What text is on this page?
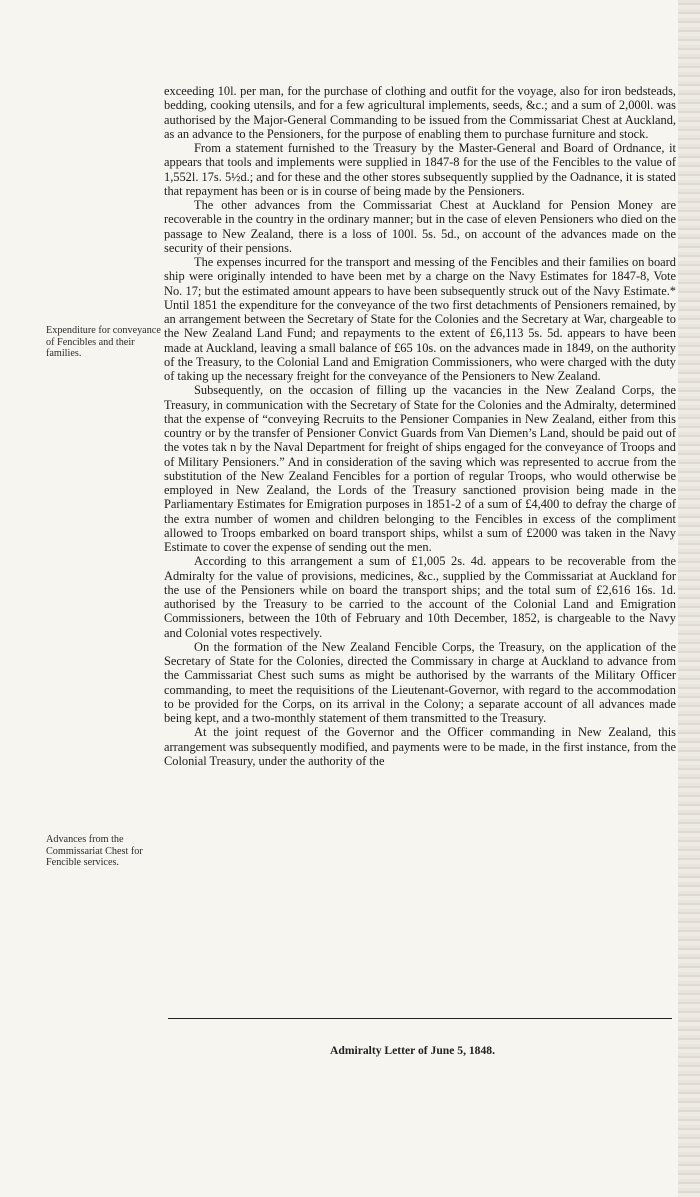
exceeding 10l. per man, for the purchase of clothing and outfit for the voyage, also for iron bedsteads, bedding, cooking utensils, and for a few agricultural implements, seeds, &c.; and a sum of 2,000l. was authorised by the Major-General Commanding to be issued from the Commissariat Chest at Auckland, as an advance to the Pensioners, for the purpose of enabling them to purchase furniture and stock.

From a statement furnished to the Treasury by the Master-General and Board of Ordnance, it appears that tools and implements were supplied in 1847-8 for the use of the Fencibles to the value of 1,552l. 17s. 5½d.; and for these and the other stores subsequently supplied by the Oadnance, it is stated that repayment has been or is in course of being made by the Pensioners.

The other advances from the Commissariat Chest at Auckland for Pension Money are recoverable in the country in the ordinary manner; but in the case of eleven Pensioners who died on the passage to New Zealand, there is a loss of 100l. 5s. 5d., on account of the advances made on the security of their pensions.

The expenses incurred for the transport and messing of the Fencibles and their families on board ship were originally intended to have been met by a charge on the Navy Estimates for 1847-8, Vote No. 17; but the estimated amount appears to have been subsequently struck out of the Navy Estimate.* Until 1851 the expenditure for the conveyance of the two first detachments of Pensioners remained, by an arrangement between the Secretary of State for the Colonies and the Secretary at War, chargeable to the New Zealand Land Fund; and repayments to the extent of £6,113 5s. 5d. appears to have been made at Auckland, leaving a small balance of £65 10s. on the advances made in 1849, on the authority of the Treasury, to the Colonial Land and Emigration Commissioners, who were charged with the duty of taking up the necessary freight for the conveyance of the Pensioners to New Zealand.

Subsequently, on the occasion of filling up the vacancies in the New Zealand Corps, the Treasury, in communication with the Secretary of State for the Colonies and the Admiralty, determined that the expense of “conveying Recruits to the Pensioner Companies in New Zealand, either from this country or by the transfer of Pensioner Convict Guards from Van Diemen’s Land, should be paid out of the votes tak n by the Naval Department for freight of ships engaged for the conveyance of Troops and of Military Pensioners.” And in consideration of the saving which was represented to accrue from the substitution of the New Zealand Fencibles for a portion of regular Troops, who would otherwise be employed in New Zealand, the Lords of the Treasury sanctioned provision being made in the Parliamentary Estimates for Emigration purposes in 1851-2 of a sum of £4,400 to defray the charge of the extra number of women and children belonging to the Fencibles in excess of the compliment allowed to Troops embarked on board transport ships, whilst a sum of £2000 was taken in the Navy Estimate to cover the expense of sending out the men.

According to this arrangement a sum of £1,005 2s. 4d. appears to be recoverable from the Admiralty for the value of provisions, medicines, &c., supplied by the Commissariat at Auckland for the use of the Pensioners while on board the transport ships; and the total sum of £2,616 16s. 1d. authorised by the Treasury to be carried to the account of the Colonial Land and Emigration Commissioners, between the 10th of February and 10th December, 1852, is chargeable to the Navy and Colonial votes respectively.

On the formation of the New Zealand Fencible Corps, the Treasury, on the application of the Secretary of State for the Colonies, directed the Commissary in charge at Auckland to advance from the Cammissariat Chest such sums as might be authorised by the warrants of the Military Officer commanding, to meet the requisitions of the Lieutenant-Governor, with regard to the accommodation to be provided for the Corps, on its arrival in the Colony; a separate account of all advances made being kept, and a two-monthly statement of them transmitted to the Treasury.

At the joint request of the Governor and the Officer commanding in New Zealand, this arrangement was subsequently modified, and payments were to be made, in the first instance, from the Colonial Treasury, under the authority of the

Expenditure for conveyance of Fencibles and their families.
Advances from the Commissariat Chest for Fencible services.
Admiralty Letter of June 5, 1848.
